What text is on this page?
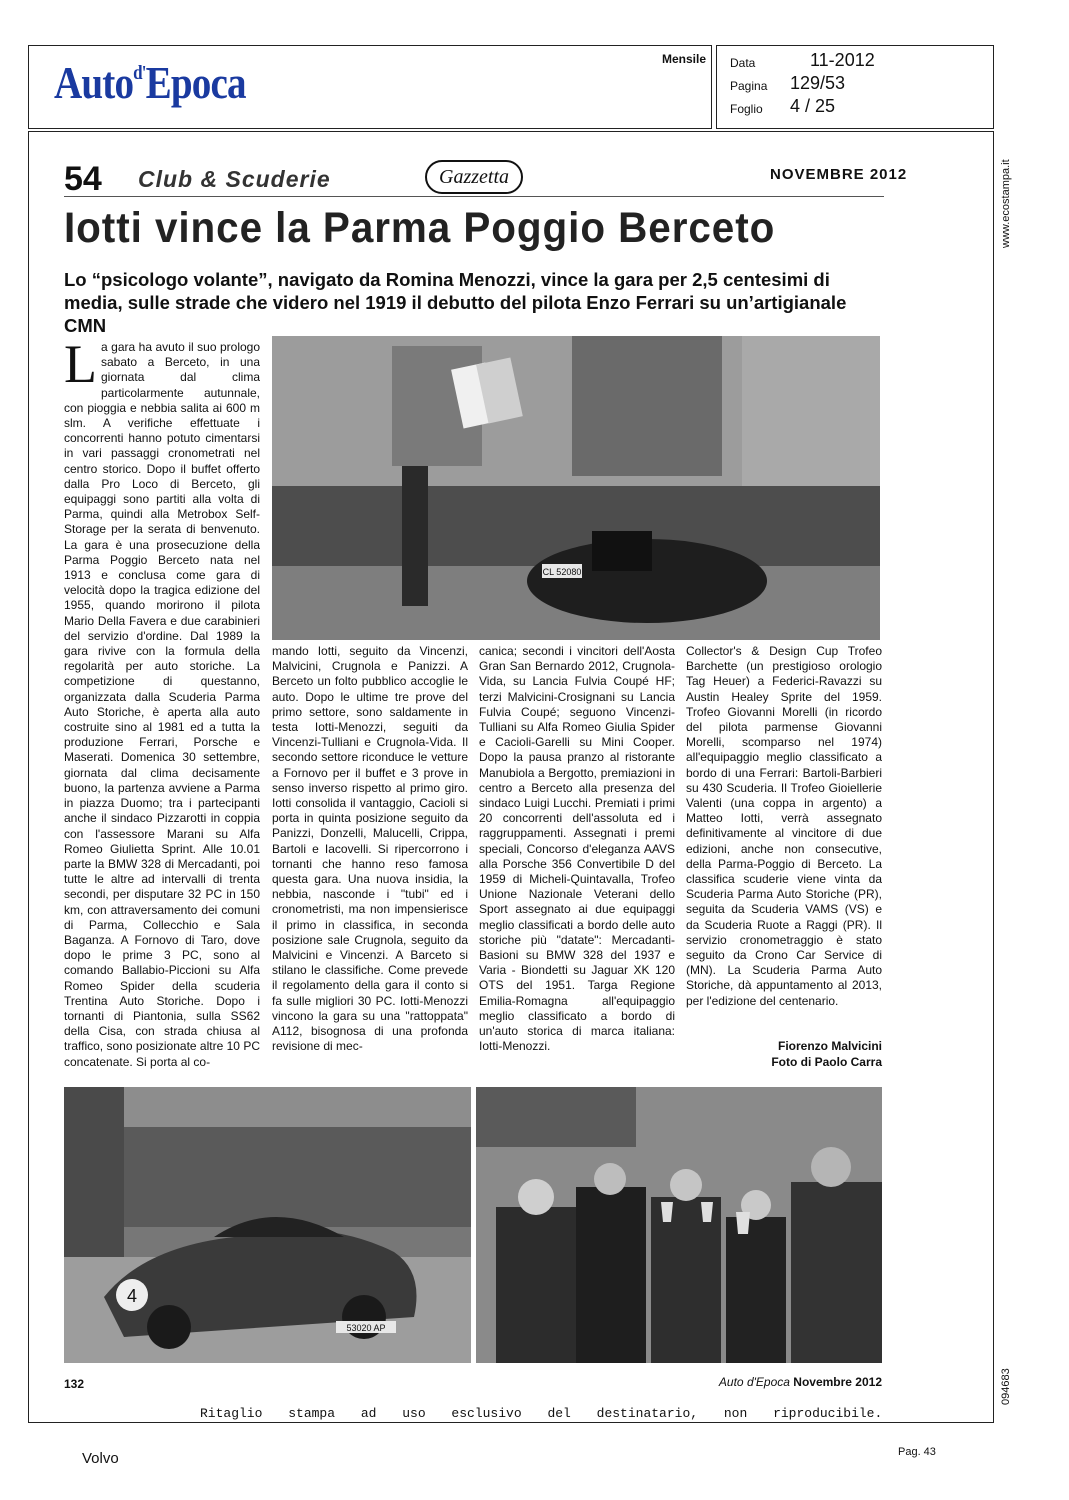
Auto$^{d'}$Epoca	Mensile Data	11-2012
Pagina 129/53
Foglio 4 / 25
54 Club & Scuderie	Gazzetta	NOVEMBRE 2012
Iotti vince la Parma Poggio Berceto
Lo “psicologo volante”, navigato da Romina Menozzi, vince la gara per 2,5 centesimi di media, sulle strade che videro nel 1919 il debutto del pilota Enzo Ferrari su un’artigianale CMN
CL 52080
La gara ha avuto il suo prologo sabato a Berceto, in una giornata dal clima particolarmente autunnale, con pioggia e nebbia salita ai 600 m slm. A verifiche effettuate i concorrenti hanno potuto cimentarsi in vari passaggi cronometrati nel centro storico. Dopo il buffet offerto dalla Pro Loco di Berceto, gli equipaggi sono partiti alla volta di Parma, quindi alla Metrobox Self-Storage per la serata di benvenuto. La gara è una prosecuzione della Parma Poggio Berceto nata nel 1913 e conclusa come gara di velocità dopo la tragica edizione del 1955, quando morirono il pilota Mario Della Favera e due carabinieri del servizio d'ordine. Dal 1989 la gara rivive con la formula della regolarità per auto storiche. La competizione di questanno, organizzata dalla Scuderia Parma Auto Storiche, è aperta alla auto costruite sino al 1981 ed a tutta la produzione Ferrari, Porsche e Maserati. Domenica 30 settembre, giornata dal clima decisamente buono, la partenza avviene a Parma in piazza Duomo; tra i partecipanti anche il sindaco Pizzarotti in coppia con l'assessore Marani su Alfa Romeo Giulietta Sprint. Alle 10.01 parte la BMW 328 di Mercadanti, poi tutte le altre ad intervalli di trenta secondi, per disputare 32 PC in 150 km, con attraversamento dei comuni di Parma, Collecchio e Sala Baganza. A Fornovo di Taro, dove dopo le prime 3 PC, sono al comando Ballabio-Piccioni su Alfa Romeo Spider della scuderia Trentina Auto Storiche. Dopo i tornanti di Piantonia, sulla SS62 della Cisa, con strada chiusa al traffico, sono posizionate altre 10 PC concatenate. Si porta al co-
mando Iotti, seguito da Vincenzi, Malvicini, Crugnola e Panizzi. A Berceto un folto pubblico accoglie le auto. Dopo le ultime tre prove del primo settore, sono saldamente in testa Iotti-Menozzi, seguiti da Vincenzi-Tulliani e Crugnola-Vida. Il secondo settore riconduce le vetture a Fornovo per il buffet e 3 prove in senso inverso rispetto al primo giro. Iotti consolida il vantaggio, Cacioli si porta in quinta posizione seguito da Panizzi, Donzelli, Malucelli, Crippa, Bartoli e Iacovelli. Si ripercorrono i tornanti che hanno reso famosa questa gara. Una nuova insidia, la nebbia, nasconde i "tubi" ed i cronometristi, ma non impensierisce il primo in classifica, in seconda posizione sale Crugnola, seguito da Malvicini e Vincenzi. A Barceto si stilano le classifiche. Come prevede il regolamento della gara il conto si fa sulle migliori 30 PC. Iotti-Menozzi vincono la gara su una "rattoppata" A112, bisognosa di una profonda revisione di mec-
canica; secondi i vincitori dell'Aosta Gran San Bernardo 2012, Crugnola-Vida, su Lancia Fulvia Coupé HF; terzi Malvicini-Crosignani su Lancia Fulvia Coupé; seguono Vincenzi-Tulliani su Alfa Romeo Giulia Spider e Cacioli-Garelli su Mini Cooper. Dopo la pausa pranzo al ristorante Manubiola a Bergotto, premiazioni in centro a Berceto alla presenza del sindaco Luigi Lucchi. Premiati i primi 20 concorrenti dell'assoluta ed i raggruppamenti. Assegnati i premi speciali, Concorso d'eleganza AAVS alla Porsche 356 Convertibile D del 1959 di Micheli-Quintavalla, Trofeo Unione Nazionale Veterani dello Sport assegnato ai due equipaggi meglio classificati a bordo delle auto storiche più "datate": Mercadanti-Basioni su BMW 328 del 1937 e Varia - Biondetti su Jaguar XK 120 OTS del 1951. Targa Regione Emilia-Romagna all'equipaggio meglio classificato a bordo di un'auto storica di marca italiana: Iotti-Menozzi.
Collector's & Design Cup Trofeo Barchette (un prestigioso orologio Tag Heuer) a Federici-Ravazzi su Austin Healey Sprite del 1959. Trofeo Giovanni Morelli (in ricordo del pilota parmense Giovanni Morelli, scomparso nel 1974) all'equipaggio meglio classificato a bordo di una Ferrari: Bartoli-Barbieri su 430 Scuderia. Il Trofeo Gioiellerie Valenti (una coppa in argento) a Matteo Iotti, verrà assegnato definitivamente al vincitore di due edizioni, anche non consecutive, della Parma-Poggio di Berceto. La classifica scuderie viene vinta da Scuderia Parma Auto Storiche (PR), seguita da Scuderia VAMS (VS) e da Scuderia Ruote a Raggi (PR). Il servizio cronometraggio è stato seguito da Crono Car Service di (MN). La Scuderia Parma Auto Storiche, dà appuntamento al 2013, per l'edizione del centenario.
Fiorenzo Malvicini
Foto di Paolo Carra
4
53020 AP
132	Auto d'Epoca Novembre 2012
Ritaglio stampa ad uso esclusivo del destinatario, non riproducibile.
www.ecostampa.it
094683
Volvo	Pag. 43
